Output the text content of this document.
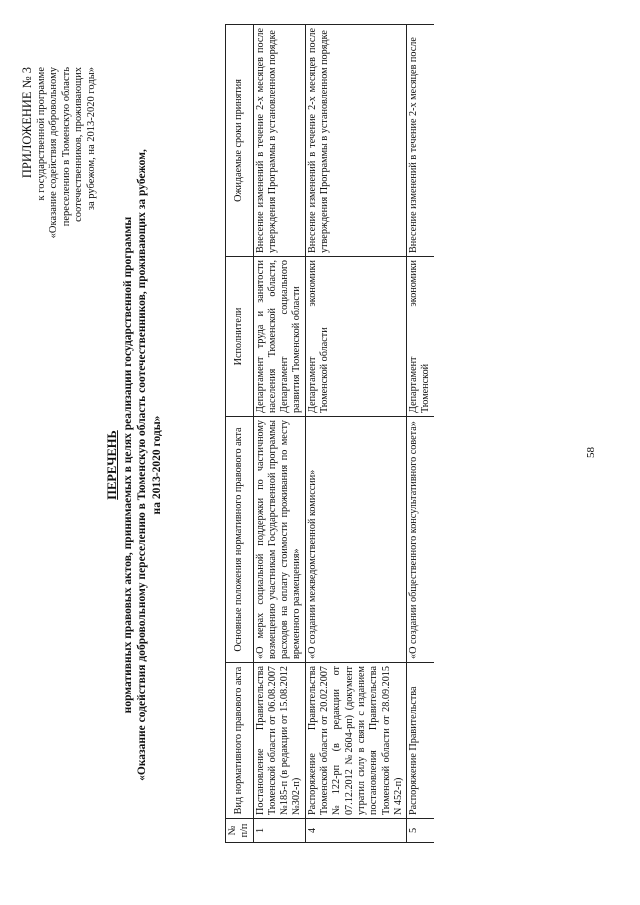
58
ПРИЛОЖЕНИЕ № 3 к государственной программе «Оказание содействия добровольному переселению в Тюменскую область соотечественников, проживающих за рубежом, на 2013-2020 годы»
ПЕРЕЧЕНЬ нормативных правовых актов, принимаемых в целях реализации государственной программы «Оказание содействия добровольному переселению в Тюменскую область соотечественников, проживающих за рубежом, на 2013-2020 годы»
№ п/п	Вид нормативного правового акта	Основные положения нормативного правового акта	Исполнители	Ожидаемые сроки принятия
1	Постановление Правительства Тюменской области от 06.08.2007 №185-п (в редакции от 15.08.2012 №302-п)	«О мерах социальной поддержки по частичному возмещению участникам Государственной программы расходов на оплату стоимости проживания по месту временного размещения»	Департамент труда и занятости населения Тюменской области, Департамент социального развития Тюменской области	Внесение изменений в течение 2-х месяцев после утверждения Программы в установленном порядке
4	Распоряжение Правительства Тюменской области от 20.02.2007 №122-рп (в редакции от 07.12.2012 №2604-рп) (документ утратил силу в связи с изданием постановления Правительства Тюменской области от 28.09.2015 N 452-п)	«О создании межведомственной комиссии»	Департамент экономики Тюменской области	Внесение изменений в течение 2-х месяцев после утверждения Программы в установленном порядке
5	Распоряжение Правительства	«О создании общественного консультативного совета»	Департамент экономики Тюменской	Внесение изменений в течение 2-х месяцев после
